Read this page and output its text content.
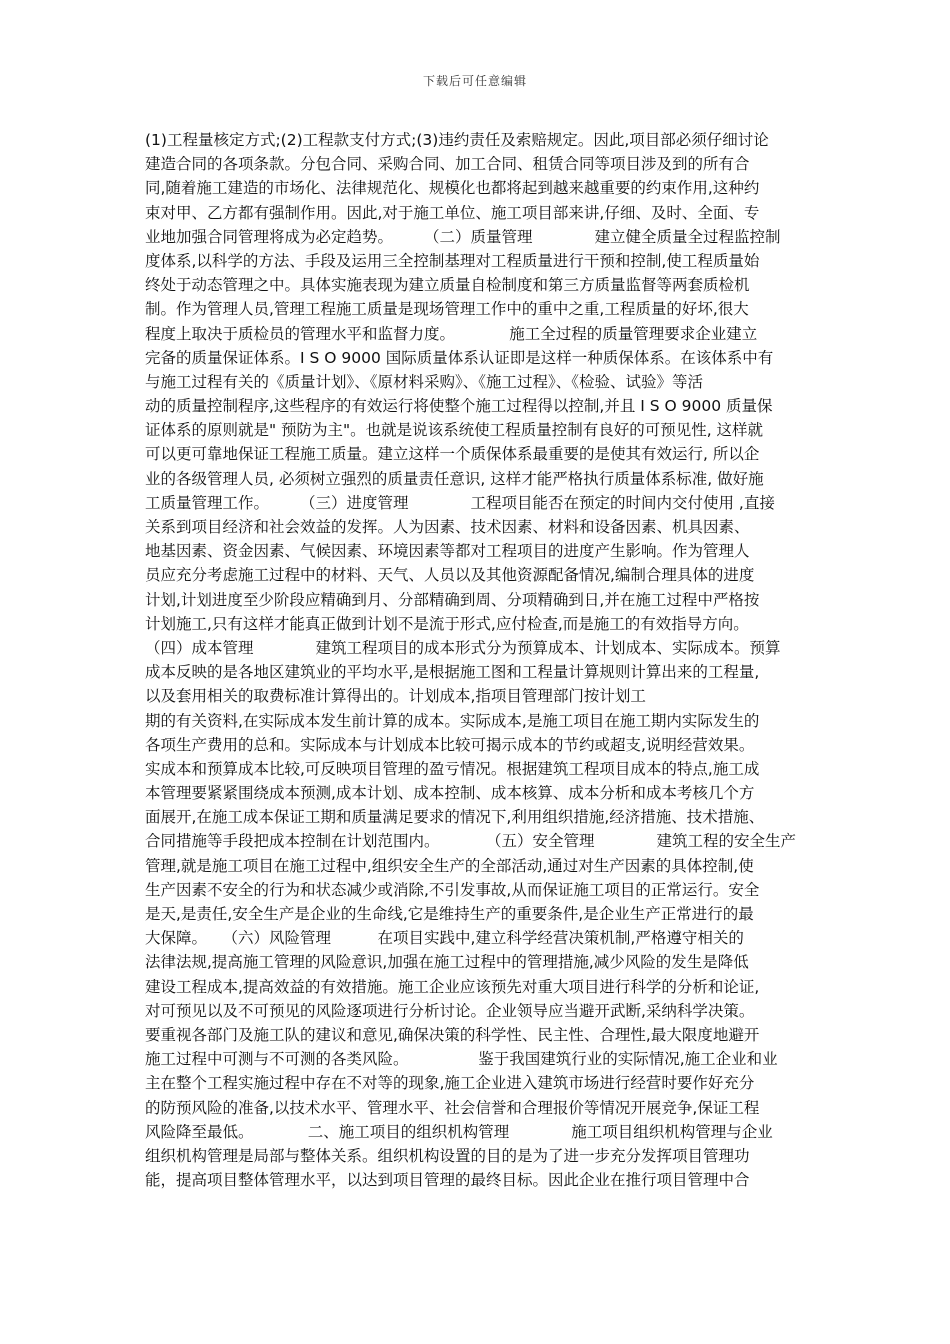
下载后可任意编辑
(1)工程量核定方式;(2)工程款支付方式;(3)违约责任及索赔规定。因此,项目部必须仔细讨论
建造合同的各项条款。分包合同、采购合同、加工合同、租赁合同等项目涉及到的所有合
同,随着施工建造的市场化、法律规范化、规模化也都将起到越来越重要的约束作用,这种约
束对甲、乙方都有强制作用。因此,对于施工单位、施工项目部来讲,仔细、及时、全面、专
业地加强合同管理将成为必定趋势。　　　（二）质量管理　　　　建立健全质量全过程监控制
度体系,以科学的方法、手段及运用三全控制基理对工程质量进行干预和控制,使工程质量始
终处于动态管理之中。具体实施表现为建立质量自检制度和第三方质量监督等两套质检机
制。作为管理人员,管理工程施工质量是现场管理工作中的重中之重,工程质量的好坏,很大
程度上取决于质检员的管理水平和监督力度。　　　　施工全过程的质量管理要求企业建立
完备的质量保证体系。I S O 9000 国际质量体系认证即是这样一种质保体系。在该体系中有
与施工过程有关的《质量计划》、《原材料采购》、《施工过程》、《检验、试验》等活
动的质量控制程序,这些程序的有效运行将使整个施工过程得以控制,并且 I S O 9000 质量保
证体系的原则就是" 预防为主"。也就是说该系统使工程质量控制有良好的可预见性, 这样就
可以更可靠地保证工程施工质量。建立这样一个质保体系最重要的是使其有效运行, 所以企
业的各级管理人员, 必须树立强烈的质量责任意识, 这样才能严格执行质量体系标准, 做好施
工质量管理工作。　　　（三）进度管理　　　　工程项目能否在预定的时间内交付使用 ,直接
关系到项目经济和社会效益的发挥。人为因素、技术因素、材料和设备因素、机具因素、
地基因素、资金因素、气候因素、环境因素等都对工程项目的进度产生影响。作为管理人
员应充分考虑施工过程中的材料、天气、人员以及其他资源配备情况,编制合理具体的进度
计划,计划进度至少阶段应精确到月、分部精确到周、分项精确到日,并在施工过程中严格按
计划施工,只有这样才能真正做到计划不是流于形式,应付检查,而是施工的有效指导方向。
（四）成本管理　　　　建筑工程项目的成本形式分为预算成本、计划成本、实际成本。预算
成本反映的是各地区建筑业的平均水平,是根据施工图和工程量计算规则计算出来的工程量,
以及套用相关的取费标准计算得出的。计划成本,指项目管理部门按计划工
期的有关资料,在实际成本发生前计算的成本。实际成本,是施工项目在施工期内实际发生的
各项生产费用的总和。实际成本与计划成本比较可揭示成本的节约或超支,说明经营效果。
实成本和预算成本比较,可反映项目管理的盈亏情况。根据建筑工程项目成本的特点,施工成
本管理要紧紧围绕成本预测,成本计划、成本控制、成本核算、成本分析和成本考核几个方
面展开,在施工成本保证工期和质量满足要求的情况下,利用组织措施,经济措施、技术措施、
合同措施等手段把成本控制在计划范围内。　　　　（五）安全管理　　　　建筑工程的安全生产
管理,就是施工项目在施工过程中,组织安全生产的全部活动,通过对生产因素的具体控制,使
生产因素不安全的行为和状态减少或消除,不引发事故,从而保证施工项目的正常运行。安全
是天,是责任,安全生产是企业的生命线,它是维持生产的重要条件,是企业生产正常进行的最
大保障。　　（六）风险管理　　　在项目实践中,建立科学经营决策机制,严格遵守相关的
法律法规,提高施工管理的风险意识,加强在施工过程中的管理措施,减少风险的发生是降低
建设工程成本,提高效益的有效措施。施工企业应该预先对重大项目进行科学的分析和论证,
对可预见以及不可预见的风险逐项进行分析讨论。企业领导应当避开武断,采纳科学决策。
要重视各部门及施工队的建议和意见,确保决策的科学性、民主性、合理性,最大限度地避开
施工过程中可测与不可测的各类风险。　　　　　鉴于我国建筑行业的实际情况,施工企业和业
主在整个工程实施过程中存在不对等的现象,施工企业进入建筑市场进行经营时要作好充分
的防预风险的准备,以技术水平、管理水平、社会信誉和合理报价等情况开展竞争,保证工程
风险降至最低。　　　　二、施工项目的组织机构管理　　　　施工项目组织机构管理与企业
组织机构管理是局部与整体关系。组织机构设置的目的是为了进一步充分发挥项目管理功
能，提高项目整体管理水平，以达到项目管理的最终目标。因此企业在推行项目管理中合
